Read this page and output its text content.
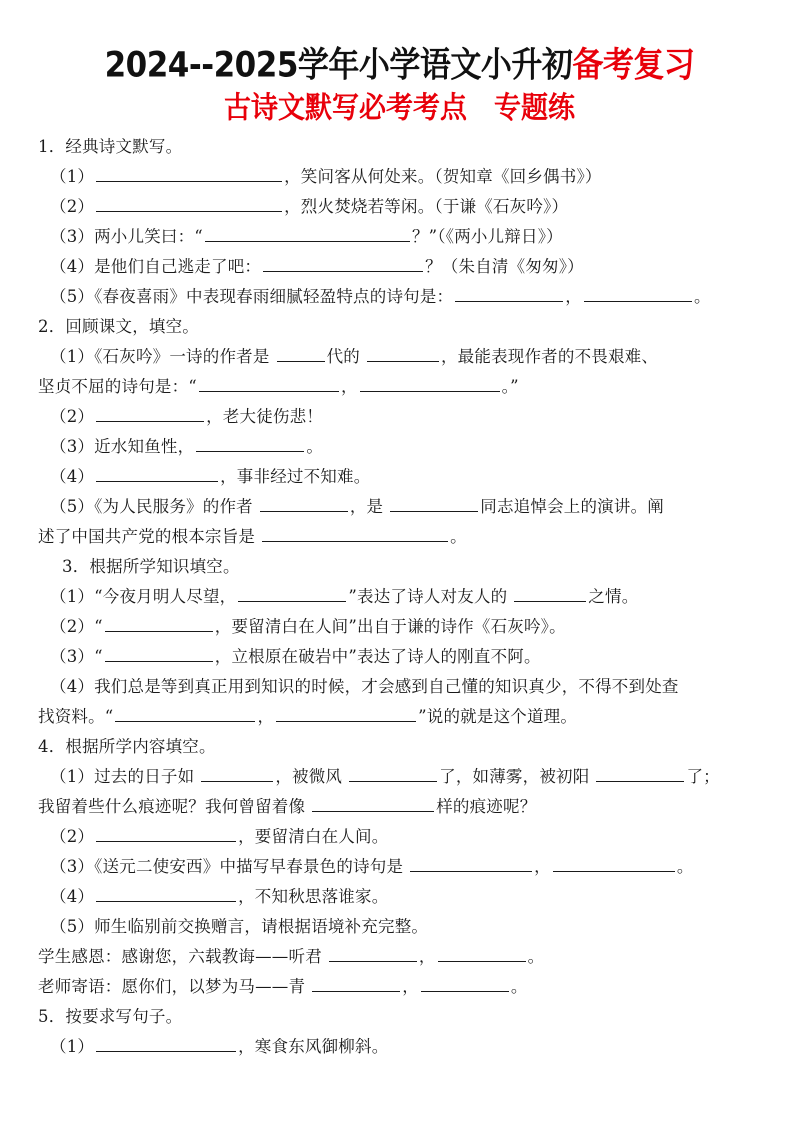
2024--2025学年小学语文小升初备考复习
古诗文默写必考考点　专题练
1．经典诗文默写。
（1）	，笑问客从何处来。（贺知章《回乡偶书》）
（2）	，烈火焚烧若等闲。（于谦《石灰吟》）
（3）两小儿笑曰：“	？”（《两小儿辩日》）
（4）是他们自己逃走了吧：	？（朱自清《匆匆》）
（5）《春夜喜雨》中表现春雨细腻轻盈特点的诗句是：	，	。
2．回顾课文，填空。
（1）《石灰吟》一诗的作者是	代的	，最能表现作者的不畏艰难、
坚贞不屈的诗句是：“	，	。”
（2）	，老大徒伤悲！
（3）近水知鱼性，	。
（4）	，事非经过不知难。
（5）《为人民服务》的作者	，是	同志追悼会上的演讲。阐
述了中国共产党的根本宗旨是	。
3．根据所学知识填空。
（1）“今夜月明人尽望，	”表达了诗人对友人的	之情。
（2）“	，要留清白在人间”出自于谦的诗作《石灰吟》。
（3）“	，立根原在破岩中”表达了诗人的刚直不阿。
（4）我们总是等到真正用到知识的时候，才会感到自己懂的知识真少，不得不到处查
找资料。“	，	”说的就是这个道理。
4．根据所学内容填空。
（1）过去的日子如	，被微风	了，如薄雾，被初阳	了；
我留着些什么痕迹呢？我何曾留着像	样的痕迹呢？
（2）	，要留清白在人间。
（3）《送元二使安西》中描写早春景色的诗句是	，	。
（4）	，不知秋思落谁家。
（5）师生临别前交换赠言，请根据语境补充完整。
学生感恩：感谢您，六载教诲——听君	，	。
老师寄语：愿你们，以梦为马——青	，	。
5．按要求写句子。
（1）	，寒食东风御柳斜。
